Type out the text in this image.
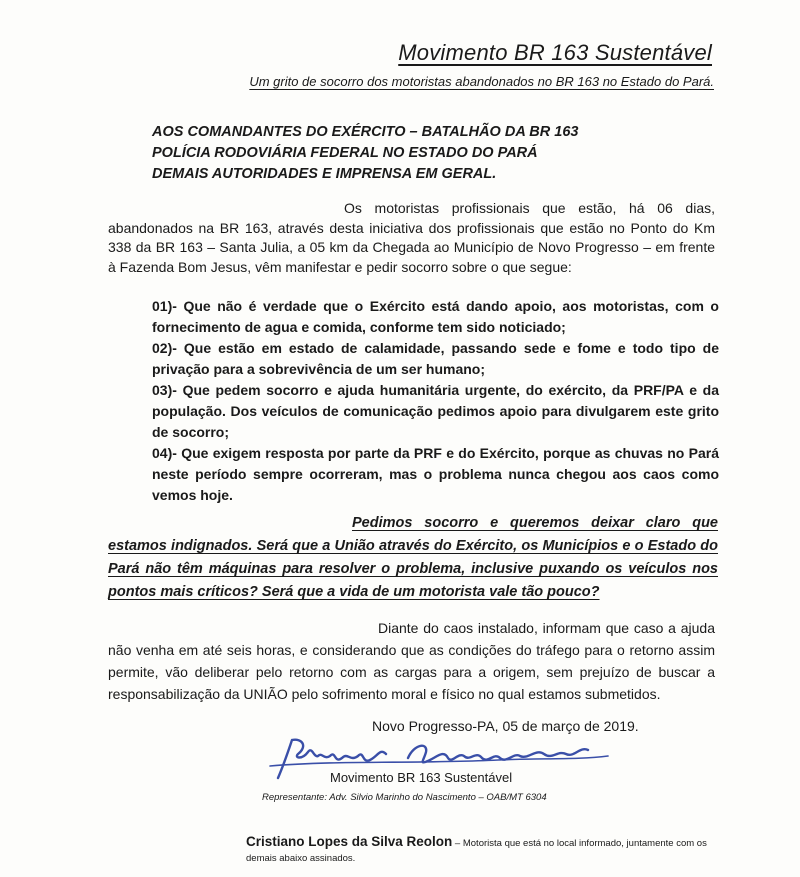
Movimento BR 163 Sustentável
Um grito de socorro dos motoristas abandonados no BR 163 no Estado do Pará.
AOS COMANDANTES DO EXÉRCITO – BATALHÃO DA BR 163
POLÍCIA RODOVIÁRIA FEDERAL NO ESTADO DO PARÁ
DEMAIS AUTORIDADES E IMPRENSA EM GERAL.
Os motoristas profissionais que estão, há 06 dias, abandonados na BR 163, através desta iniciativa dos profissionais que estão no Ponto do Km 338 da BR 163 – Santa Julia, a 05 km da Chegada ao Município de Novo Progresso – em frente à Fazenda Bom Jesus, vêm manifestar e pedir socorro sobre o que segue:

01)- Que não é verdade que o Exército está dando apoio, aos motoristas, com o fornecimento de agua e comida, conforme tem sido noticiado;

02)- Que estão em estado de calamidade, passando sede e fome e todo tipo de privação para a sobrevivência de um ser humano;

03)- Que pedem socorro e ajuda humanitária urgente, do exército, da PRF/PA e da população. Dos veículos de comunicação pedimos apoio para divulgarem este grito de socorro;

04)- Que exigem resposta por parte da PRF e do Exército, porque as chuvas no Pará neste período sempre ocorreram, mas o problema nunca chegou aos caos como vemos hoje.

Pedimos socorro e queremos deixar claro que estamos indignados. Será que a União através do Exército, os Municípios e o Estado do Pará não têm máquinas para resolver o problema, inclusive puxando os veículos nos pontos mais críticos? Será que a vida de um motorista vale tão pouco?
Diante do caos instalado, informam que caso a ajuda não venha em até seis horas, e considerando que as condições do tráfego para o retorno assim permite, vão deliberar pelo retorno com as cargas para a origem, sem prejuízo de buscar a responsabilização da UNIÃO pelo sofrimento moral e físico no qual estamos submetidos.
Novo Progresso-PA, 05 de março de 2019.
Movimento BR 163 Sustentável
Representante: Adv. Silvio Marinho do Nascimento – OAB/MT 6304
Cristiano Lopes da Silva Reolon – Motorista que está no local informado, juntamente com os demais abaixo assinados.
